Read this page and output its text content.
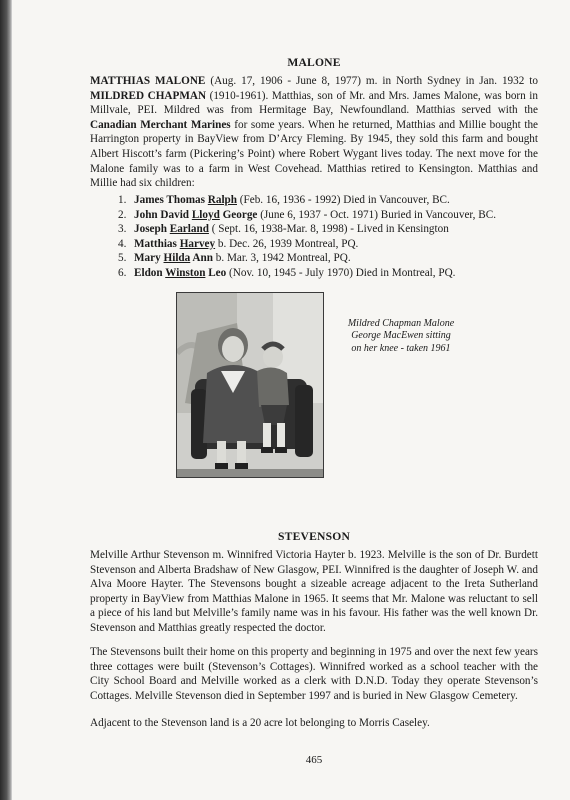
MALONE

MATTHIAS MALONE (Aug. 17, 1906 - June 8, 1977) m. in North Sydney in Jan. 1932 to MILDRED CHAPMAN (1910-1961). Matthias, son of Mr. and Mrs. James Malone, was born in Millvale, PEI. Mildred was from Hermitage Bay, Newfoundland. Matthias served with the Canadian Merchant Marines for some years. When he returned, Matthias and Millie bought the Harrington property in BayView from D’Arcy Fleming. By 1945, they sold this farm and bought Albert Hiscott’s farm (Pickering’s Point) where Robert Wygant lives today. The next move for the Malone family was to a farm in West Covehead. Matthias retired to Kensington. Matthias and Millie had six children:

1. James Thomas Ralph (Feb. 16, 1936 - 1992) Died in Vancouver, BC.
2. John David Lloyd George (June 6, 1937 - Oct. 1971) Buried in Vancouver, BC.
3. Joseph Earland ( Sept. 16, 1938-Mar. 8, 1998) - Lived in Kensington
4. Matthias Harvey b. Dec. 26, 1939 Montreal, PQ.
5. Mary Hilda Ann b. Mar. 3, 1942 Montreal, PQ.
6. Eldon Winston Leo (Nov. 10, 1945 - July 1970) Died in Montreal, PQ.

Mildred Chapman Malone
George MacEwen sitting
on her knee - taken 1961

STEVENSON

Melville Arthur Stevenson m. Winnifred Victoria Hayter b. 1923. Melville is the son of Dr. Burdett Stevenson and Alberta Bradshaw of New Glasgow, PEI. Winnifred is the daughter of Joseph W. and Alva Moore Hayter. The Stevensons bought a sizeable acreage adjacent to the Ireta Sutherland property in BayView from Matthias Malone in 1965. It seems that Mr. Malone was reluctant to sell a piece of his land but Melville’s family name was in his favour. His father was the well known Dr. Stevenson and Matthias greatly respected the doctor.

The Stevensons built their home on this property and beginning in 1975 and over the next few years three cottages were built (Stevenson’s Cottages). Winnifred worked as a school teacher with the City School Board and Melville worked as a clerk with D.N.D. Today they operate Stevenson’s Cottages. Melville Stevenson died in September 1997 and is buried in New Glasgow Cemetery.

Adjacent to the Stevenson land is a 20 acre lot belonging to Morris Caseley.

465
